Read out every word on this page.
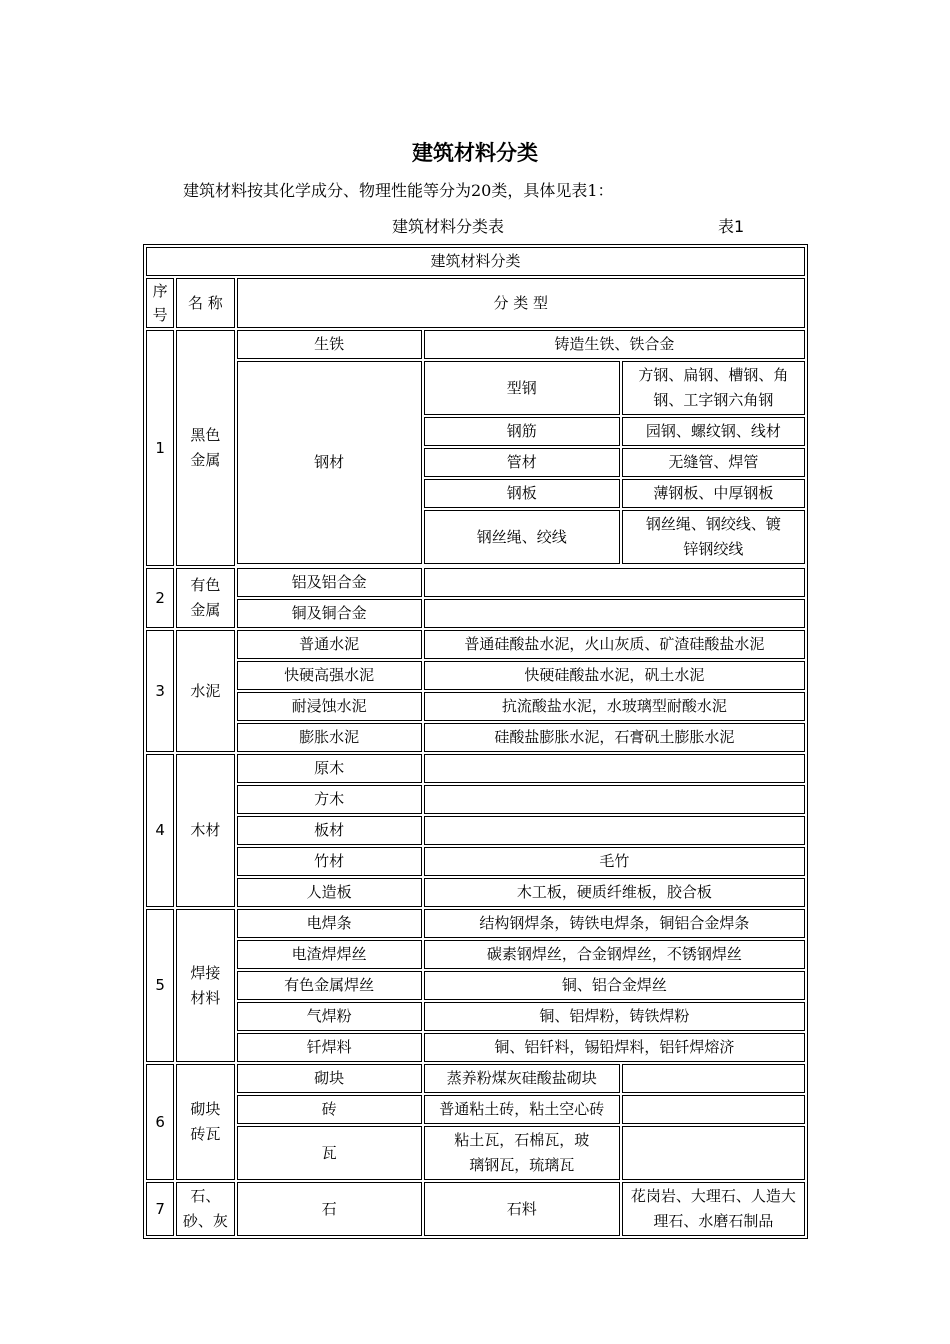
建筑材料分类
建筑材料按其化学成分、物理性能等分为20类，具体见表1：
建筑材料分类表	表1
建筑材料分类				
序号	名 称	分 类 型		
1	黑色金属	生铁	铸造生铁、铁合金	
		钢材	型钢	方钢、扁钢、槽钢、角钢、工字钢六角钢
			钢筋	园钢、螺纹钢、线材
			管材	无缝管、焊管
			钢板	薄钢板、中厚钢板
			钢丝绳、绞线	钢丝绳、钢绞线、镀锌钢绞线

2	有色金属	铝及铝合金		
		铜及铜合金		
3	水泥	普通水泥	普通硅酸盐水泥，火山灰质、矿渣硅酸盐水泥	
		快硬高强水泥	快硬硅酸盐水泥，矾土水泥	
		耐浸蚀水泥	抗流酸盐水泥，水玻璃型耐酸水泥	
		膨胀水泥	硅酸盐膨胀水泥，石膏矾土膨胀水泥	
4	木材	原木		
		方木		
		板材		
		竹材	毛竹	
		人造板	木工板，硬质纤维板，胶合板	
5	焊接材料	电焊条	结构钢焊条，铸铁电焊条，铜铝合金焊条	
		电渣焊焊丝	碳素钢焊丝，合金钢焊丝，不锈钢焊丝	
		有色金属焊丝	铜、铝合金焊丝	
		气焊粉	铜、铝焊粉，铸铁焊粉	
		钎焊料	铜、铝钎料，锡铅焊料，铝钎焊熔济	
6	砌块砖瓦	砌块	蒸养粉煤灰硅酸盐砌块	
		砖	普通粘土砖，粘土空心砖	
		瓦	粘土瓦，石棉瓦，玻璃钢瓦，琉璃瓦	
7	石、砂、灰	石	石料	花岗岩、大理石、人造大理石、水磨石制品
